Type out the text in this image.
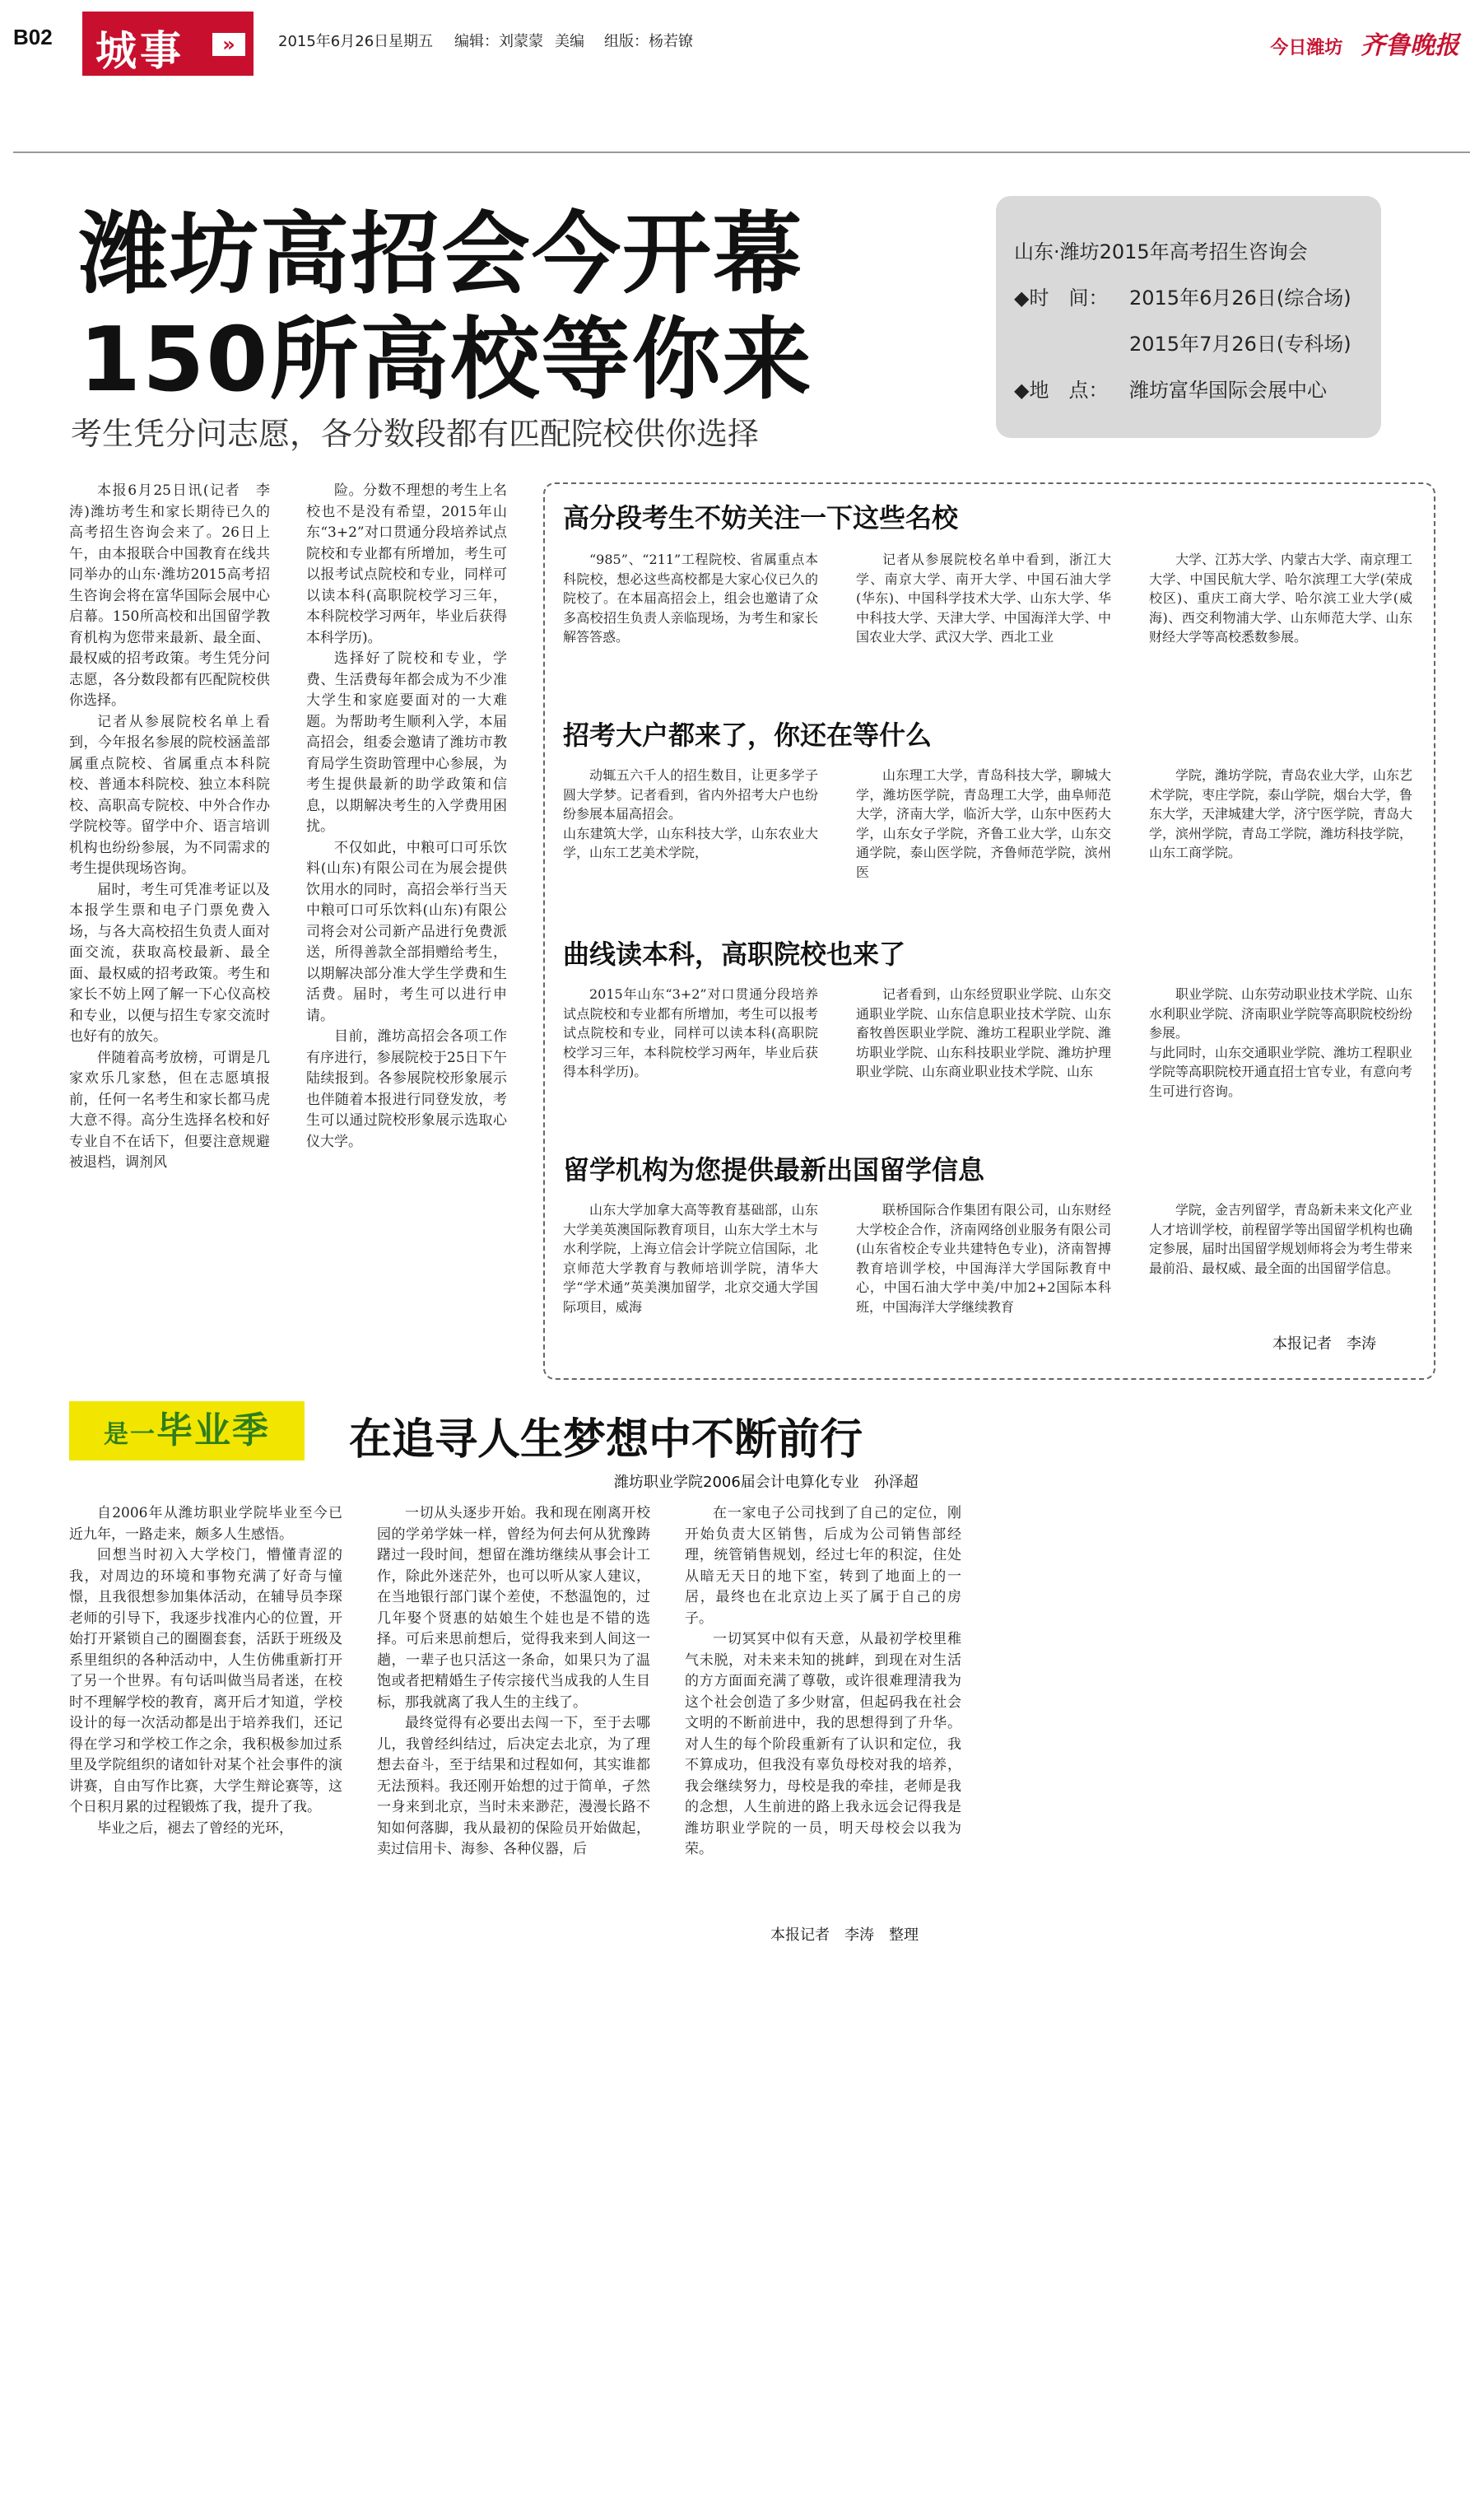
B02 城事	»	2015年6月26日 星期五 编辑：刘蒙蒙 美编 组版：杨若镣	今日潍坊 齐鲁晚报
潍坊高招会今开幕
150所高校等你来
考生凭分问志愿，各分数段都有匹配院校供你选择
山东·潍坊2015年高考招生咨询会
◆时　间： 2015年6月26日(综合场)
2015年7月26日(专科场)
◆地　点： 潍坊富华国际会展中心

本报6月25日讯(记者　李涛)潍坊考生和家长期待已久的高考招生咨询会来了。26日上午，由本报联合中国教育在线共同举办的山东·潍坊2015高考招生咨询会将在富华国际会展中心启幕。150所高校和出国留学教育机构为您带来最新、最全面、最权威的招考政策。考生凭分问志愿，各分数段都有匹配院校供你选择。

记者从参展院校名单上看到，今年报名参展的院校涵盖部属重点院校、省属重点本科院校、普通本科院校、独立本科院校、高职高专院校、中外合作办学院校等。留学中介、语言培训机构也纷纷参展，为不同需求的考生提供现场咨询。

届时，考生可凭准考证以及本报学生票和电子门票免费入场，与各大高校招生负责人面对面交流，获取高校最新、最全面、最权威的招考政策。考生和家长不妨上网了解一下心仪高校和专业，以便与招生专家交流时也好有的放矢。

伴随着高考放榜，可谓是几家欢乐几家愁，但在志愿填报前，任何一名考生和家长都马虎大意不得。高分生选择名校和好专业自不在话下，但要注意规避被退档，调剂风

险。分数不理想的考生上名校也不是没有希望，2015年山东“3+2”对口贯通分段培养试点院校和专业都有所增加，考生可以报考试点院校和专业，同样可以读本科(高职院校学习三年，本科院校学习两年，毕业后获得本科学历)。

选择好了院校和专业，学费、生活费每年都会成为不少准大学生和家庭要面对的一大难题。为帮助考生顺利入学，本届高招会，组委会邀请了潍坊市教育局学生资助管理中心参展，为考生提供最新的助学政策和信息，以期解决考生的入学费用困扰。

不仅如此，中粮可口可乐饮料(山东)有限公司在为展会提供饮用水的同时，高招会举行当天中粮可口可乐饮料(山东)有限公司将会对公司新产品进行免费派送，所得善款全部捐赠给考生，以期解决部分准大学生学费和生活费。届时，考生可以进行申请。

目前，潍坊高招会各项工作有序进行，参展院校于25日下午陆续报到。各参展院校形象展示也伴随着本报进行同登发放，考生可以通过院校形象展示选取心仪大学。

高分段考生不妨关注一下这些名校

“985”、“211”工程院校、省属重点本科院校，想必这些高校都是大家心仪已久的院校了。在本届高招会上，组会也邀请了众多高校招生负责人亲临现场，为考生和家长解答答惑。

记者从参展院校名单中看到，浙江大学、南京大学、南开大学、中国石油大学(华东)、中国科学技术大学、山东大学、华中科技大学、天津大学、中国海洋大学、中国农业大学、武汉大学、西北工业

大学、江苏大学、内蒙古大学、南京理工大学、中国民航大学、哈尔滨理工大学(荣成校区)、重庆工商大学、哈尔滨工业大学(威海)、西交利物浦大学、山东师范大学、山东财经大学等高校悉数参展。

招考大户都来了，你还在等什么

动辄五六千人的招生数目，让更多学子圆大学梦。记者看到，省内外招考大户也纷纷参展本届高招会。
山东建筑大学，山东科技大学，山东农业大学，山东工艺美术学院，

山东理工大学，青岛科技大学，聊城大学，潍坊医学院，青岛理工大学，曲阜师范大学，济南大学，临沂大学，山东中医药大学，山东女子学院，齐鲁工业大学，山东交通学院，泰山医学院，齐鲁师范学院，滨州医

学院，潍坊学院，青岛农业大学，山东艺术学院，枣庄学院，泰山学院，烟台大学，鲁东大学，天津城建大学，济宁医学院，青岛大学，滨州学院，青岛工学院，潍坊科技学院，山东工商学院。

曲线读本科，高职院校也来了

2015年山东“3+2”对口贯通分段培养试点院校和专业都有所增加，考生可以报考试点院校和专业，同样可以读本科(高职院校学习三年，本科院校学习两年，毕业后获得本科学历)。

记者看到，山东经贸职业学院、山东交通职业学院、山东信息职业技术学院、山东畜牧兽医职业学院、潍坊工程职业学院、潍坊职业学院、山东科技职业学院、潍坊护理职业学院、山东商业职业技术学院、山东

职业学院、山东劳动职业技术学院、山东水利职业学院、济南职业学院等高职院校纷纷参展。
与此同时，山东交通职业学院、潍坊工程职业学院等高职院校开通直招士官专业，有意向考生可进行咨询。

留学机构为您提供最新出国留学信息

山东大学加拿大高等教育基础部，山东大学美英澳国际教育项目，山东大学土木与水利学院，上海立信会计学院立信国际，北京师范大学教育与教师培训学院，清华大学“学术通”英美澳加留学，北京交通大学国际项目，威海

联桥国际合作集团有限公司，山东财经大学校企合作，济南网络创业服务有限公司(山东省校企专业共建特色专业)，济南智搏教育培训学校，中国海洋大学国际教育中心，中国石油大学中美/中加2+2国际本科班，中国海洋大学继续教育

学院，金吉列留学，青岛新未来文化产业人才培训学校，前程留学等出国留学机构也确定参展，届时出国留学规划师将会为考生带来最前沿、最权威、最全面的出国留学信息。

本报记者　李涛
是一毕业季	在追寻人生梦想中不断前行
潍坊职业学院2006届会计电算化专业　孙泽超

自2006年从潍坊职业学院毕业至今已近九年，一路走来，颇多人生感悟。

回想当时初入大学校门，懵懂青涩的我，对周边的环境和事物充满了好奇与憧憬，且我很想参加集体活动，在辅导员李琛老师的引导下，我逐步找准内心的位置，开始打开紧锁自己的圈圈套套，活跃于班级及系里组织的各种活动中，人生仿佛重新打开了另一个世界。有句话叫做当局者迷，在校时不理解学校的教育，离开后才知道，学校设计的每一次活动都是出于培养我们，还记得在学习和学校工作之余，我积极参加过系里及学院组织的诸如针对某个社会事件的演讲赛，自由写作比赛，大学生辩论赛等，这个日积月累的过程锻炼了我，提升了我。

毕业之后，褪去了曾经的光环，

一切从头逐步开始。我和现在刚离开校园的学弟学妹一样，曾经为何去何从犹豫踌躇过一段时间，想留在潍坊继续从事会计工作，除此外迷茫外，也可以听从家人建议，在当地银行部门谋个差使，不愁温饱的，过几年娶个贤惠的姑娘生个娃也是不错的选择。可后来思前想后，觉得我来到人间这一趟，一辈子也只活这一条命，如果只为了温饱或者把精婚生子传宗接代当成我的人生目标，那我就离了我人生的主线了。

最终觉得有必要出去闯一下，至于去哪儿，我曾经纠结过，后决定去北京，为了理想去奋斗，至于结果和过程如何，其实谁都无法预料。我还刚开始想的过于简单，孑然一身来到北京，当时未来渺茫，漫漫长路不知如何落脚，我从最初的保险员开始做起，卖过信用卡、海参、各种仪器，后

在一家电子公司找到了自己的定位，刚开始负责大区销售，后成为公司销售部经理，统管销售规划，经过七年的积淀，住处从暗无天日的地下室，转到了地面上的一居，最终也在北京边上买了属于自己的房子。

一切冥冥中似有天意，从最初学校里稚气未脱，对未来未知的挑衅，到现在对生活的方方面面充满了尊敬，或许很难理清我为这个社会创造了多少财富，但起码我在社会文明的不断前进中，我的思想得到了升华。对人生的每个阶段重新有了认识和定位，我不算成功，但我没有辜负母校对我的培养，我会继续努力，母校是我的牵挂，老师是我的念想，人生前进的路上我永远会记得我是潍坊职业学院的一员，明天母校会以我为荣。

本报记者　李涛　整理
